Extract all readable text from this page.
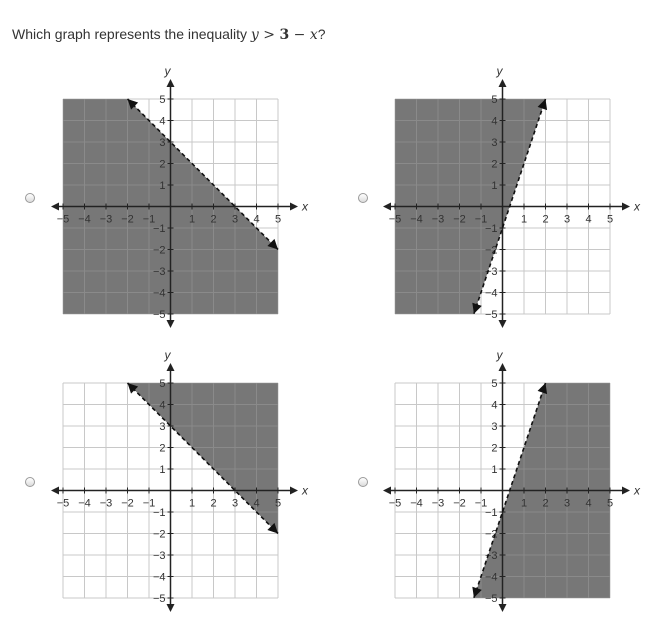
Which graph represents the inequality y > 3 − x?
x
y
−5 −4 −3 −2 −1	1 2 3 4 5
5
4
3
2
1
−1
−2
−3
−4
−5
x
y
−5 −4 −3 −2 −1	1 2 3 4 5
5
4
3
2
1
−1
−2
−3
−4
−5
x
y
−5 −4 −3 −2 −1	1 2 3 4 5
5
4
3
2
1
−1
−2
−3
−4
−5
x
y
−5 −4 −3 −2 −1	1 2 3 4 5
5
4
3
2
1
−1
−2
−3
−4
−5
